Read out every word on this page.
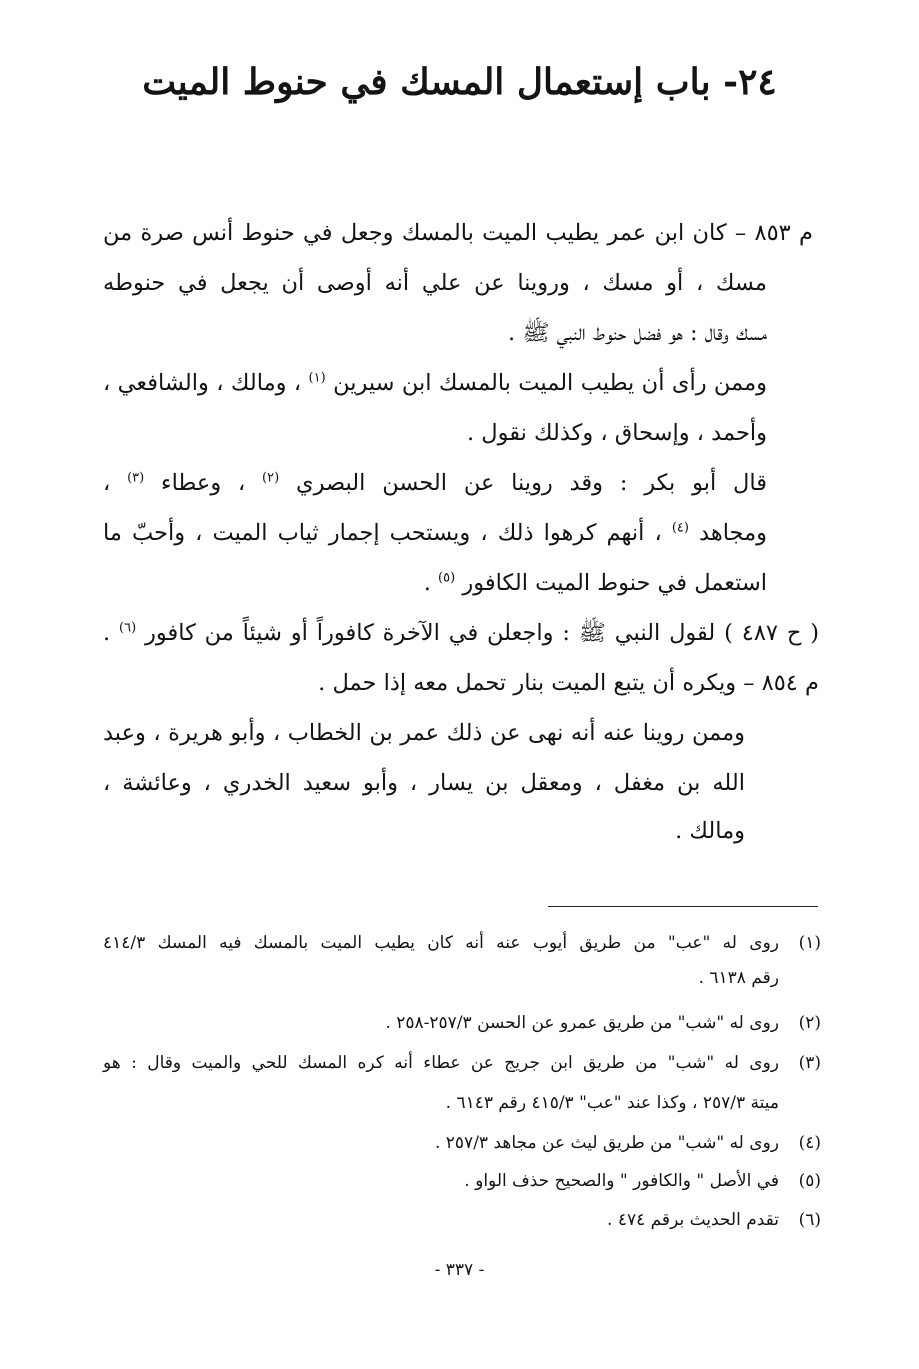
٢٤- باب إستعمال المسك في حنوط الميت
م ٨٥٣ – كان ابن عمر يطيب الميت بالمسك وجعل في حنوط أنس صرة من
مسك ، أو مسك ، وروينا عن علي أنه أوصى أن يجعل في حنوطه
مسك وقال : هو فضل حنوط النبي ﷺ .
وممن رأى أن يطيب الميت بالمسك ابن سيرين $^{(١)}$ ، ومالك ، والشافعي ،
وأحمد ، وإسحاق ، وكذلك نقول .
قال أبو بكر : وقد روينا عن الحسن البصري $^{(٢)}$ ، وعطاء $^{(٣)}$ ،
ومجاهد $^{(٤)}$ ، أنهم كرهوا ذلك ، ويستحب إجمار ثياب الميت ، وأحبّ ما
استعمل في حنوط الميت الكافور $^{(٥)}$ .
( ح ٤٨٧ ) لقول النبي ﷺ : واجعلن في الآخرة كافوراً أو شيئاً من كافور $^{(٦)}$ .
م ٨٥٤ – ويكره أن يتبع الميت بنار تحمل معه إذا حمل .
وممن روينا عنه أنه نهى عن ذلك عمر بن الخطاب ، وأبو هريرة ، وعبد
الله بن مغفل ، ومعقل بن يسار ، وأبو سعيد الخدري ، وعائشة ،
ومالك .
(١)
روى له "عب" من طريق أيوب عنه أنه كان يطيب الميت بالمسك فيه المسك ٤١٤/٣
رقم ٦١٣٨ .
(٢)
روى له "شب" من طريق عمرو عن الحسن ٢٥٧/٣-٢٥٨ .
(٣)
روى له "شب" من طريق ابن جريج عن عطاء أنه كره المسك للحي والميت وقال : هو
ميتة ٢٥٧/٣ ، وكذا عند "عب" ٤١٥/٣ رقم ٦١٤٣ .
(٤)
روى له "شب" من طريق ليث عن مجاهد ٢٥٧/٣ .
(٥)
في الأصل " والكافور " والصحيح حذف الواو .
(٦)
تقدم الحديث برقم ٤٧٤ .
- ٣٣٧ -
